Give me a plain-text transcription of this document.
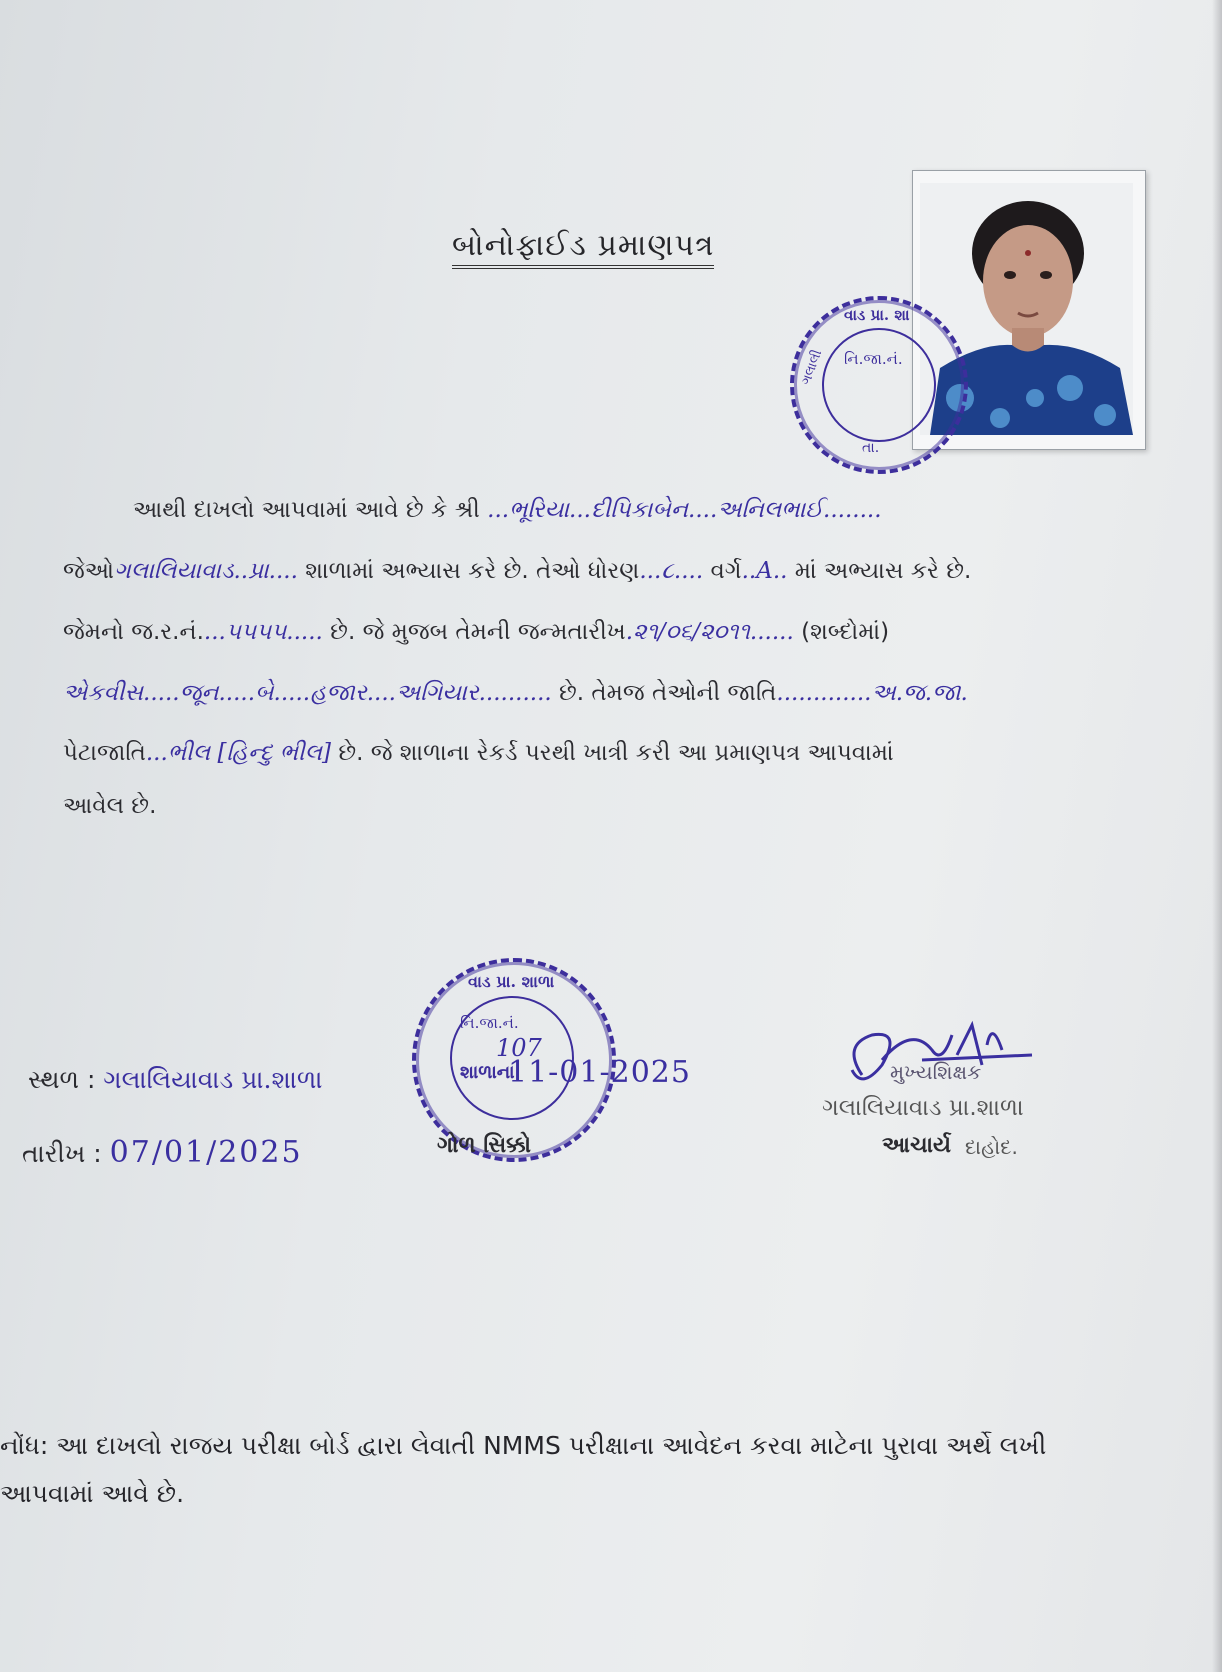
બોનોફાઈડ પ્રમાણપત્ર
વાડ પ્રા. શા
ગલાલી નિ.જા.નં.
તા.
આથી દાખલો આપવામાં આવે છે કે શ્રી ...ભૂરિયા...દીપિકાબેન....અનિલભાઈ........
જેઓગલાલિયાવાડ..પ્રા.... શાળામાં અભ્યાસ કરે છે. તેઓ ધોરણ...૮.... વર્ગ..A.. માં અભ્યાસ કરે છે.
જેમનો જ.ર.નં....૫૫૫૫..... છે. જે મુજબ તેમની જન્મતારીખ.૨૧/૦૬/૨૦૧૧...... (શબ્દોમાં)
એકવીસ.....જૂન.....બે.....હજાર....અગિયાર.......... છે. તેમજ તેઓની જાતિ.............અ.જ.જા.
પેટાજાતિ...ભીલ [હિન્દુ ભીલ] છે. જે શાળાના રેકર્ડ પરથી ખાત્રી કરી આ પ્રમાણપત્ર આપવામાં
આવેલ છે.
સ્થળ : ગલાલિયાવાડ પ્રા.શાળા
તારીખ : 07/01/2025
વાડ પ્રા. શાળા
નિ.જા.નં.
107
શાળાના
11-01-2025
ગોળ સિક્કો
મુખ્યશિક્ષક
ગલાલિયાવાડ પ્રા.શાળા
દાહોદ.
આચાર્ય
નોંધ: આ દાખલો રાજય પરીક્ષા બોર્ડ દ્વારા લેવાતી NMMS પરીક્ષાના આવેદન કરવા માટેના પુરાવા અર્થે લખી આપવામાં આવે છે.
